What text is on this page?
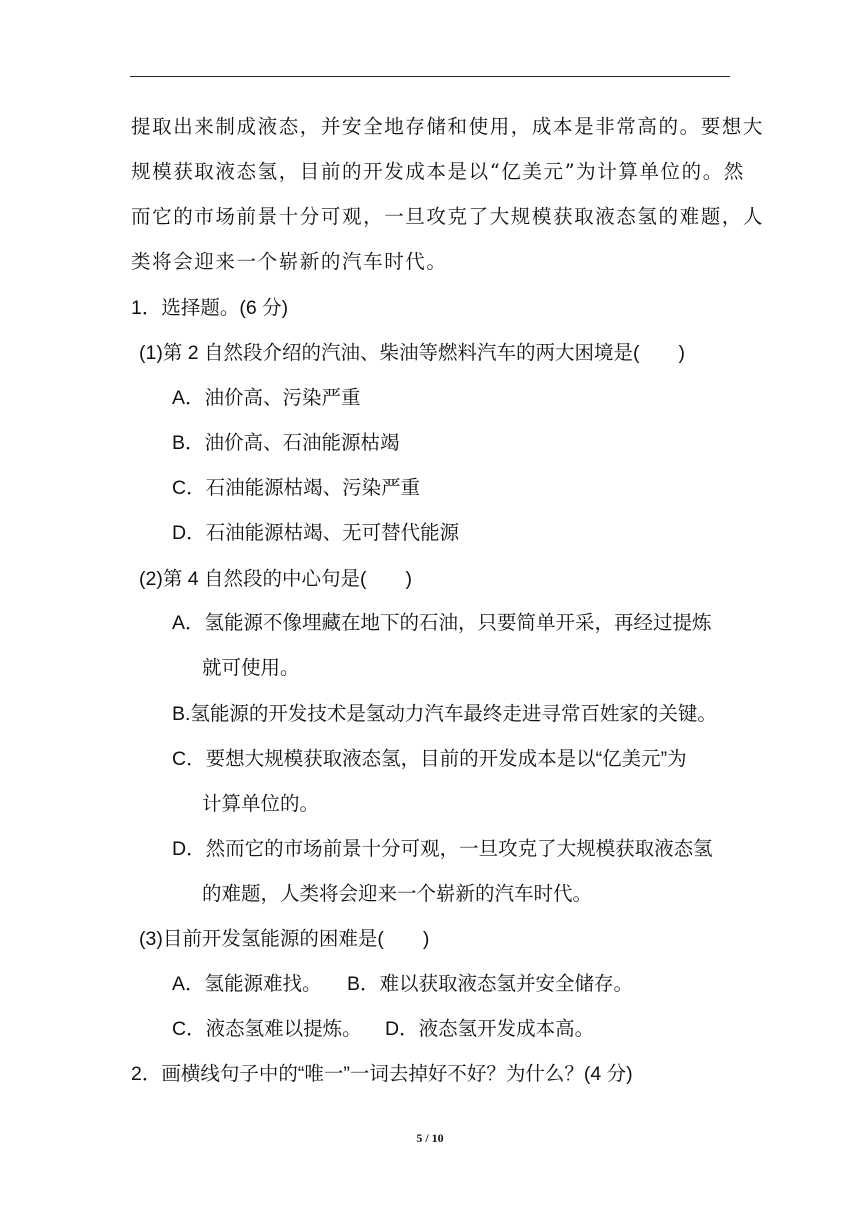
提取出来制成液态，并安全地存储和使用，成本是非常高的。要想大
规模获取液态氢，目前的开发成本是以“亿美元”为计算单位的。然
而它的市场前景十分可观，一旦攻克了大规模获取液态氢的难题，人
类将会迎来一个崭新的汽车时代。
1．选择题。(6 分)
(1)第 2 自然段介绍的汽油、柴油等燃料汽车的两大困境是(　　)
A．油价高、污染严重
B．油价高、石油能源枯竭
C．石油能源枯竭、污染严重
D．石油能源枯竭、无可替代能源
(2)第 4 自然段的中心句是(　　)
A．氢能源不像埋藏在地下的石油，只要简单开采，再经过提炼
就可使用。
B.氢能源的开发技术是氢动力汽车最终走进寻常百姓家的关键。
C．要想大规模获取液态氢，目前的开发成本是以“亿美元”为
计算单位的。
D．然而它的市场前景十分可观，一旦攻克了大规模获取液态氢
的难题，人类将会迎来一个崭新的汽车时代。
(3)目前开发氢能源的困难是(　　)
A．氢能源难找。 B．难以获取液态氢并安全储存。
C．液态氢难以提炼。 D．液态氢开发成本高。
2．画横线句子中的“唯一”一词去掉好不好？为什么？(4 分)
5 / 10
